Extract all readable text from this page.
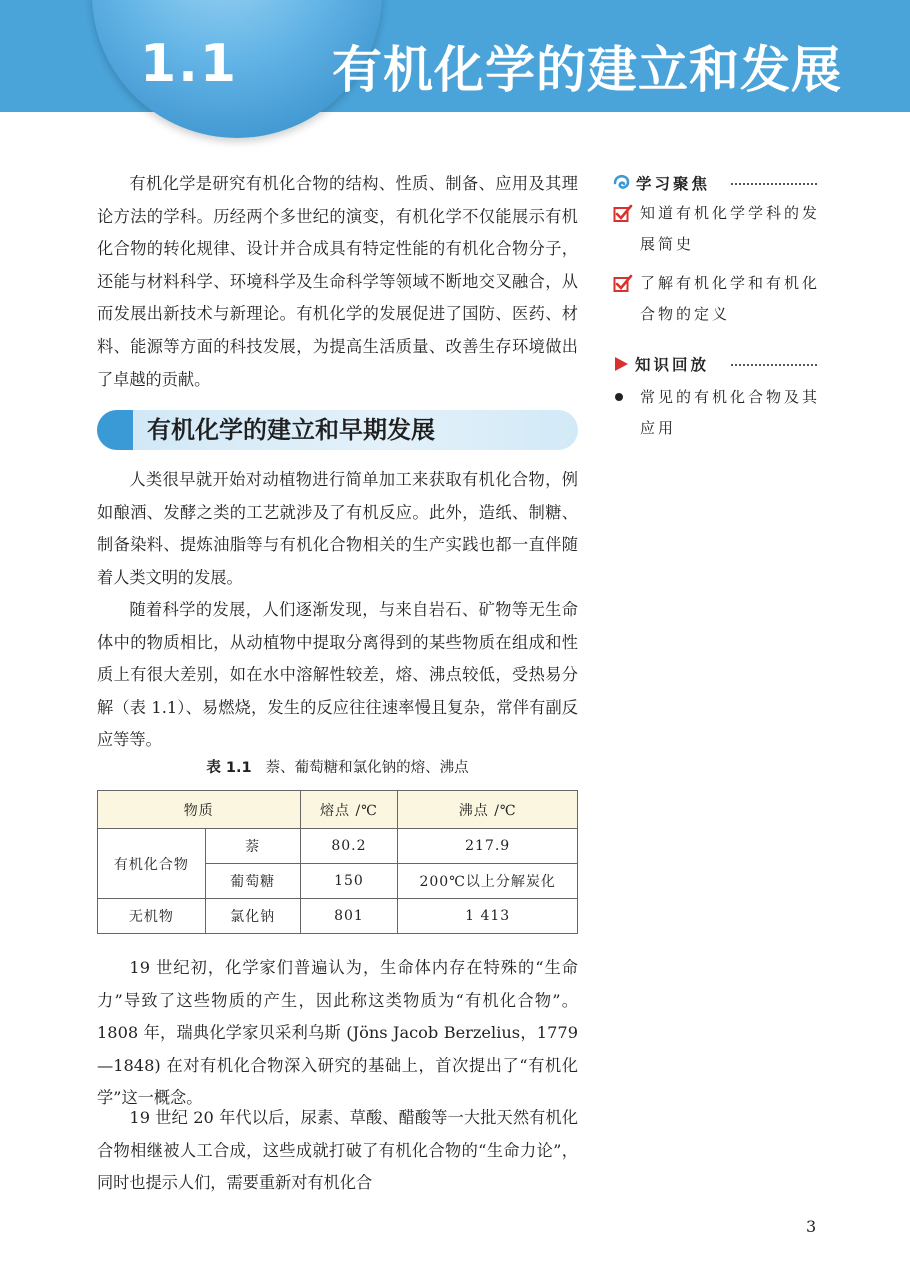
1.1 有机化学的建立和发展

有机化学是研究有机化合物的结构、性质、制备、应用及其理论方法的学科。历经两个多世纪的演变，有机化学不仅能展示有机化合物的转化规律、设计并合成具有特定性能的有机化合物分子，还能与材料科学、环境科学及生命科学等领域不断地交叉融合，从而发展出新技术与新理论。有机化学的发展促进了国防、医药、材料、能源等方面的科技发展，为提高生活质量、改善生存环境做出了卓越的贡献。

有机化学的建立和早期发展

人类很早就开始对动植物进行简单加工来获取有机化合物，例如酿酒、发酵之类的工艺就涉及了有机反应。此外，造纸、制糖、制备染料、提炼油脂等与有机化合物相关的生产实践也都一直伴随着人类文明的发展。

随着科学的发展，人们逐渐发现，与来自岩石、矿物等无生命体中的物质相比，从动植物中提取分离得到的某些物质在组成和性质上有很大差别，如在水中溶解性较差，熔、沸点较低，受热易分解（表 1.1）、易燃烧，发生的反应往往速率慢且复杂，常伴有副反应等等。

表 1.1 萘、葡萄糖和氯化钠的熔、沸点
物质		熔点 /℃	沸点 /℃
有机化合物	萘	80.2	217.9
	葡萄糖	150	200℃以上分解炭化
无机物	氯化钠	801	1 413

19 世纪初，化学家们普遍认为，生命体内存在特殊的“生命力”导致了这些物质的产生，因此称这类物质为“有机化合物”。1808 年，瑞典化学家贝采利乌斯 (Jöns Jacob Berzelius，1779—1848) 在对有机化合物深入研究的基础上，首次提出了“有机化学”这一概念。

19 世纪 20 年代以后，尿素、草酸、醋酸等一大批天然有机化合物相继被人工合成，这些成就打破了有机化合物的“生命力论”，同时也提示人们，需要重新对有机化合

学习聚焦
知道有机化学学科的发展简史
了解有机化学和有机化合物的定义
知识回放
常见的有机化合物及其应用
3
